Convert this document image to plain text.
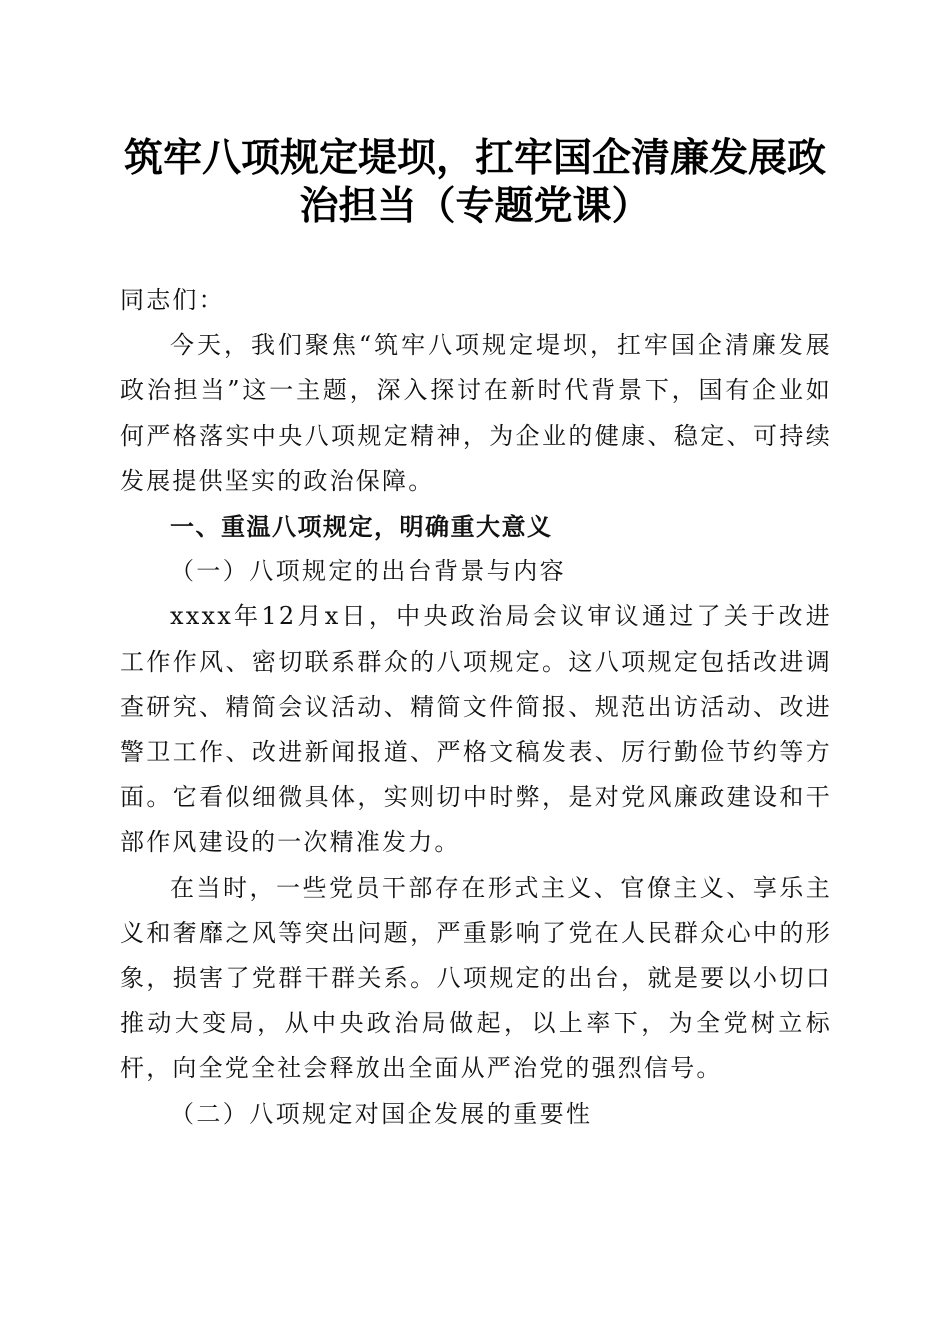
筑牢八项规定堤坝，扛牢国企清廉发展政治担当（专题党课）

同志们：

今天，我们聚焦“筑牢八项规定堤坝，扛牢国企清廉发展政治担当”这一主题，深入探讨在新时代背景下，国有企业如何严格落实中央八项规定精神，为企业的健康、稳定、可持续发展提供坚实的政治保障。

一、重温八项规定，明确重大意义

（一）八项规定的出台背景与内容

xxxx年12月x日，中央政治局会议审议通过了关于改进工作作风、密切联系群众的八项规定。这八项规定包括改进调查研究、精简会议活动、精简文件简报、规范出访活动、改进警卫工作、改进新闻报道、严格文稿发表、厉行勤俭节约等方面。它看似细微具体，实则切中时弊，是对党风廉政建设和干部作风建设的一次精准发力。

在当时，一些党员干部存在形式主义、官僚主义、享乐主义和奢靡之风等突出问题，严重影响了党在人民群众心中的形象，损害了党群干群关系。八项规定的出台，就是要以小切口推动大变局，从中央政治局做起，以上率下，为全党树立标杆，向全党全社会释放出全面从严治党的强烈信号。

（二）八项规定对国企发展的重要性
